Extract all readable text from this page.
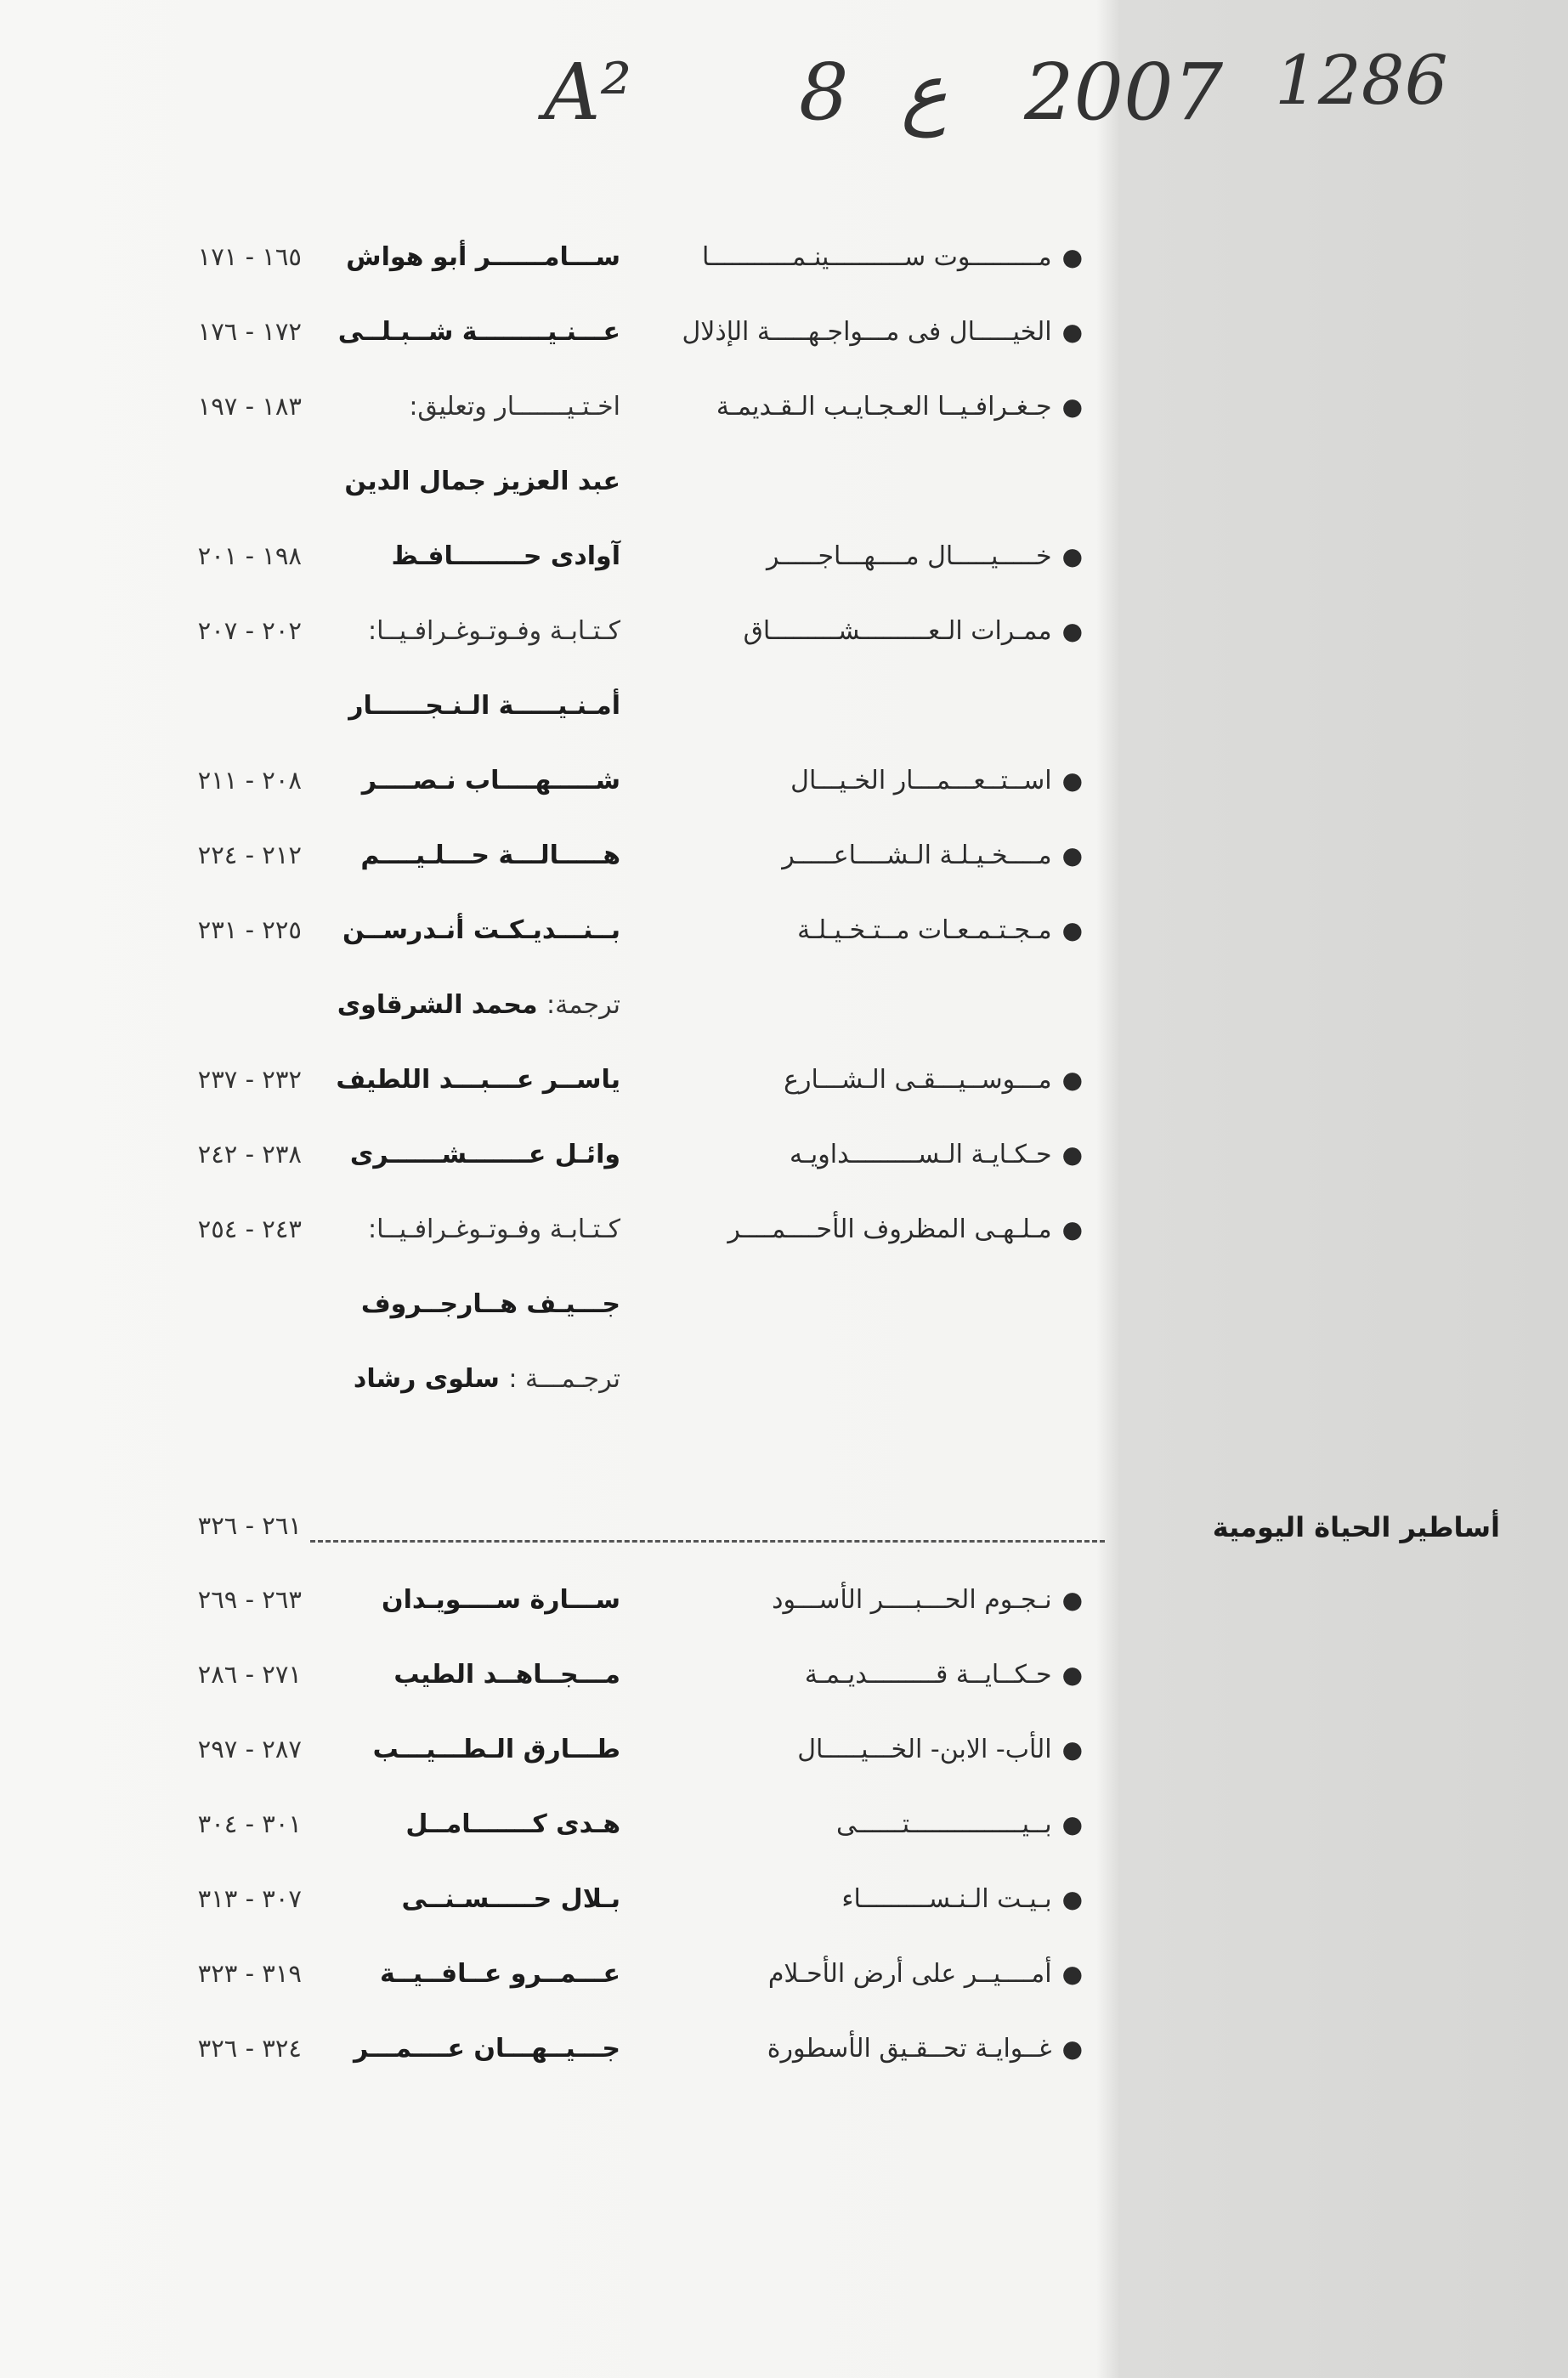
A² 8 ع 2007 1286
●مـــــــــوت ســــــــــينـمـــــــــــا
ســـامــــــر أبو هواش
١٦٥ - ١٧١
●الخيـــــال فى مـــواجـهـــــة الإذلال
عـــنـيــــــــة شــبـلــى
١٧٢ - ١٧٦
●جـغـرافـيــا العـجـايـب الـقـديمـة
اخـتـيـــــــار وتعليق:
١٨٣ - ١٩٧
عبد العزيز جمال الدين
●خـــــيـــــال مــــهـــاجـــــر
آوادى حــــــــافـظ
١٩٨ - ٢٠١
●ممـرات الـعـــــــــشـــــــــاق
كـتـابـة وفـوتـوغـرافـيــا:
٢٠٢ - ٢٠٧
أمـنـيـــــة الـنـجــــــار
●اســتــعـــمـــار الخـيـــال
شـــــهــــاب نـصــــر
٢٠٨ - ٢١١
●مــــخـيـلـة الـشــــاعـــــر
هـــــالـــة حـــلـيــــم
٢١٢ - ٢٢٤
●مـجـتـمـعـات مــتـخـيـلـة
بــنـــديـكـت أنـدرســن
٢٢٥ - ٢٣١
ترجمة: محمد الشرقاوى
●مـــوســيـــقـى الـشـــارع
ياســر عـــبـــد اللطيف
٢٣٢ - ٢٣٧
●حـكـايـة الـســـــــــداويـه
وائـل عـــــــشــــــرى
٢٣٨ - ٢٤٢
●مـلـهـى المظروف الأحــــمــــر
كـتـابـة وفـوتـوغـرافـيــا:
٢٤٣ - ٢٥٤
جـــيـف هــارجــروف
ترجـمـــة : سلوى رشاد
أساطير الحياة اليومية
٢٦١ - ٣٢٦
●نـجـوم الحـــبــــر الأســـود
ســـارة ســــويـدان
٢٦٣ - ٢٦٩
●حـكــايــة قـــــــــديـمـة
مـــجــاهــد الطيب
٢٧١ - ٢٨٦
●الأب- الابن- الخـــيـــــال
طـــارق الـطـــيـــب
٢٨٧ - ٢٩٧
●بــيـــــــــــــــتــــــى
هـدى كـــــــامــل
٣٠١ - ٣٠٤
●بـيـت الـنـســـــــــاء
بـلال حـــــسـنــى
٣٠٧ - ٣١٣
●أمــــيــر على أرض الأحـلام
عـــمــرو عــافــيــة
٣١٩ - ٣٢٣
●غــوايـة تحــقـيق الأسطورة
جـــيــهـــان عــــمـــر
٣٢٤ - ٣٢٦
